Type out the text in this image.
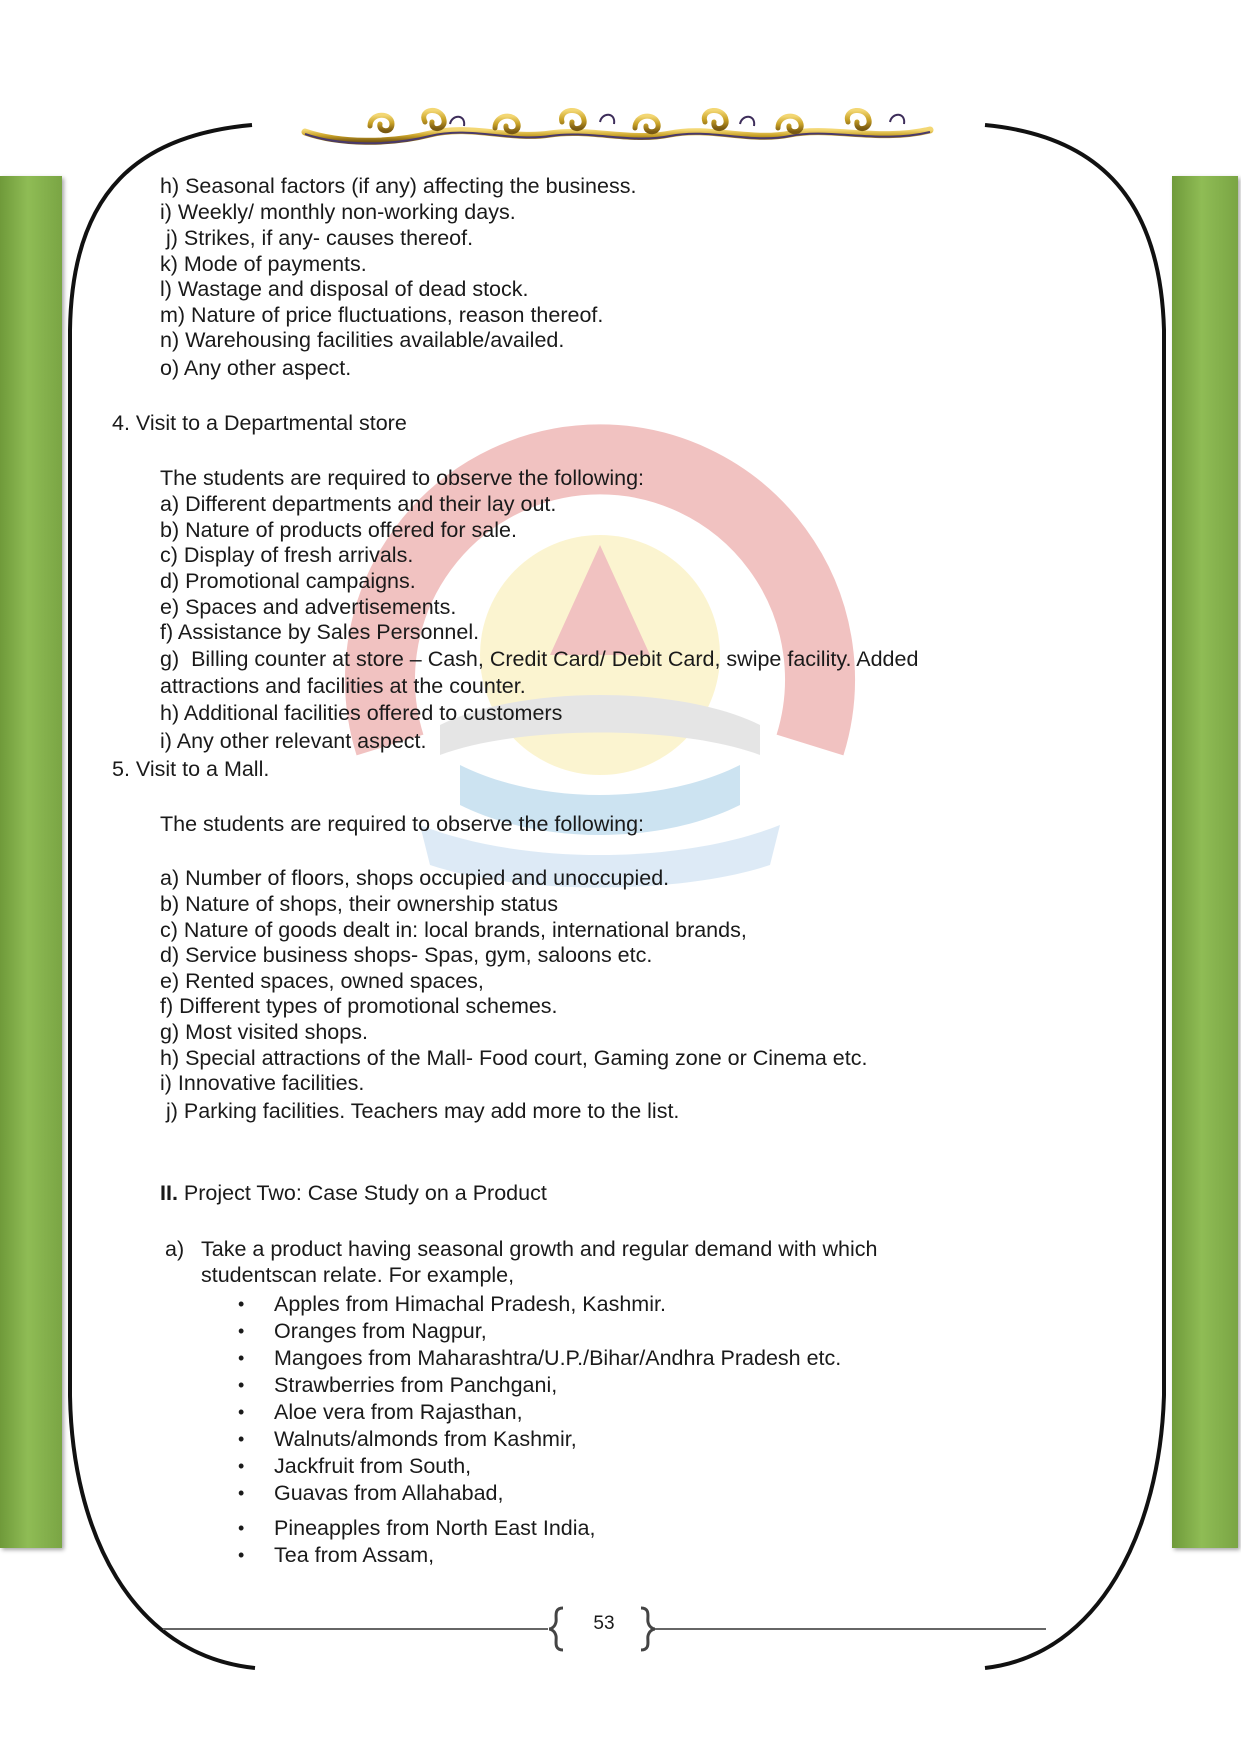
h) Seasonal factors (if any) affecting the business.
i) Weekly/ monthly non-working days.
j) Strikes, if any- causes thereof.
k) Mode of payments.
l) Wastage and disposal of dead stock.
m) Nature of price fluctuations, reason thereof.
n) Warehousing facilities available/availed.
o) Any other aspect.
4. Visit to a Departmental store
The students are required to observe the following:
a) Different departments and their lay out.
b) Nature of products offered for sale.
c) Display of fresh arrivals.
d) Promotional campaigns.
e) Spaces and advertisements.
f) Assistance by Sales Personnel.
g)  Billing counter at store – Cash, Credit Card/ Debit Card, swipe facility. Added
attractions and facilities at the counter.
h) Additional facilities offered to customers
i) Any other relevant aspect.
5. Visit to a Mall.
The students are required to observe the following:
a) Number of floors, shops occupied and unoccupied.
b) Nature of shops, their ownership status
c) Nature of goods dealt in: local brands, international brands,
d) Service business shops- Spas, gym, saloons etc.
e) Rented spaces, owned spaces,
f) Different types of promotional schemes.
g) Most visited shops.
h) Special attractions of the Mall- Food court, Gaming zone or Cinema etc.
i) Innovative facilities.
j) Parking facilities. Teachers may add more to the list.
II. Project Two: Case Study on a Product
a) Take a product having seasonal growth and regular demand with which
studentscan relate. For example,
• Apples from Himachal Pradesh, Kashmir.
• Oranges from Nagpur,
• Mangoes from Maharashtra/U.P./Bihar/Andhra Pradesh etc.
• Strawberries from Panchgani,
• Aloe vera from Rajasthan,
• Walnuts/almonds from Kashmir,
• Jackfruit from South,
• Guavas from Allahabad,
• Pineapples from North East India,
• Tea from Assam,
53
